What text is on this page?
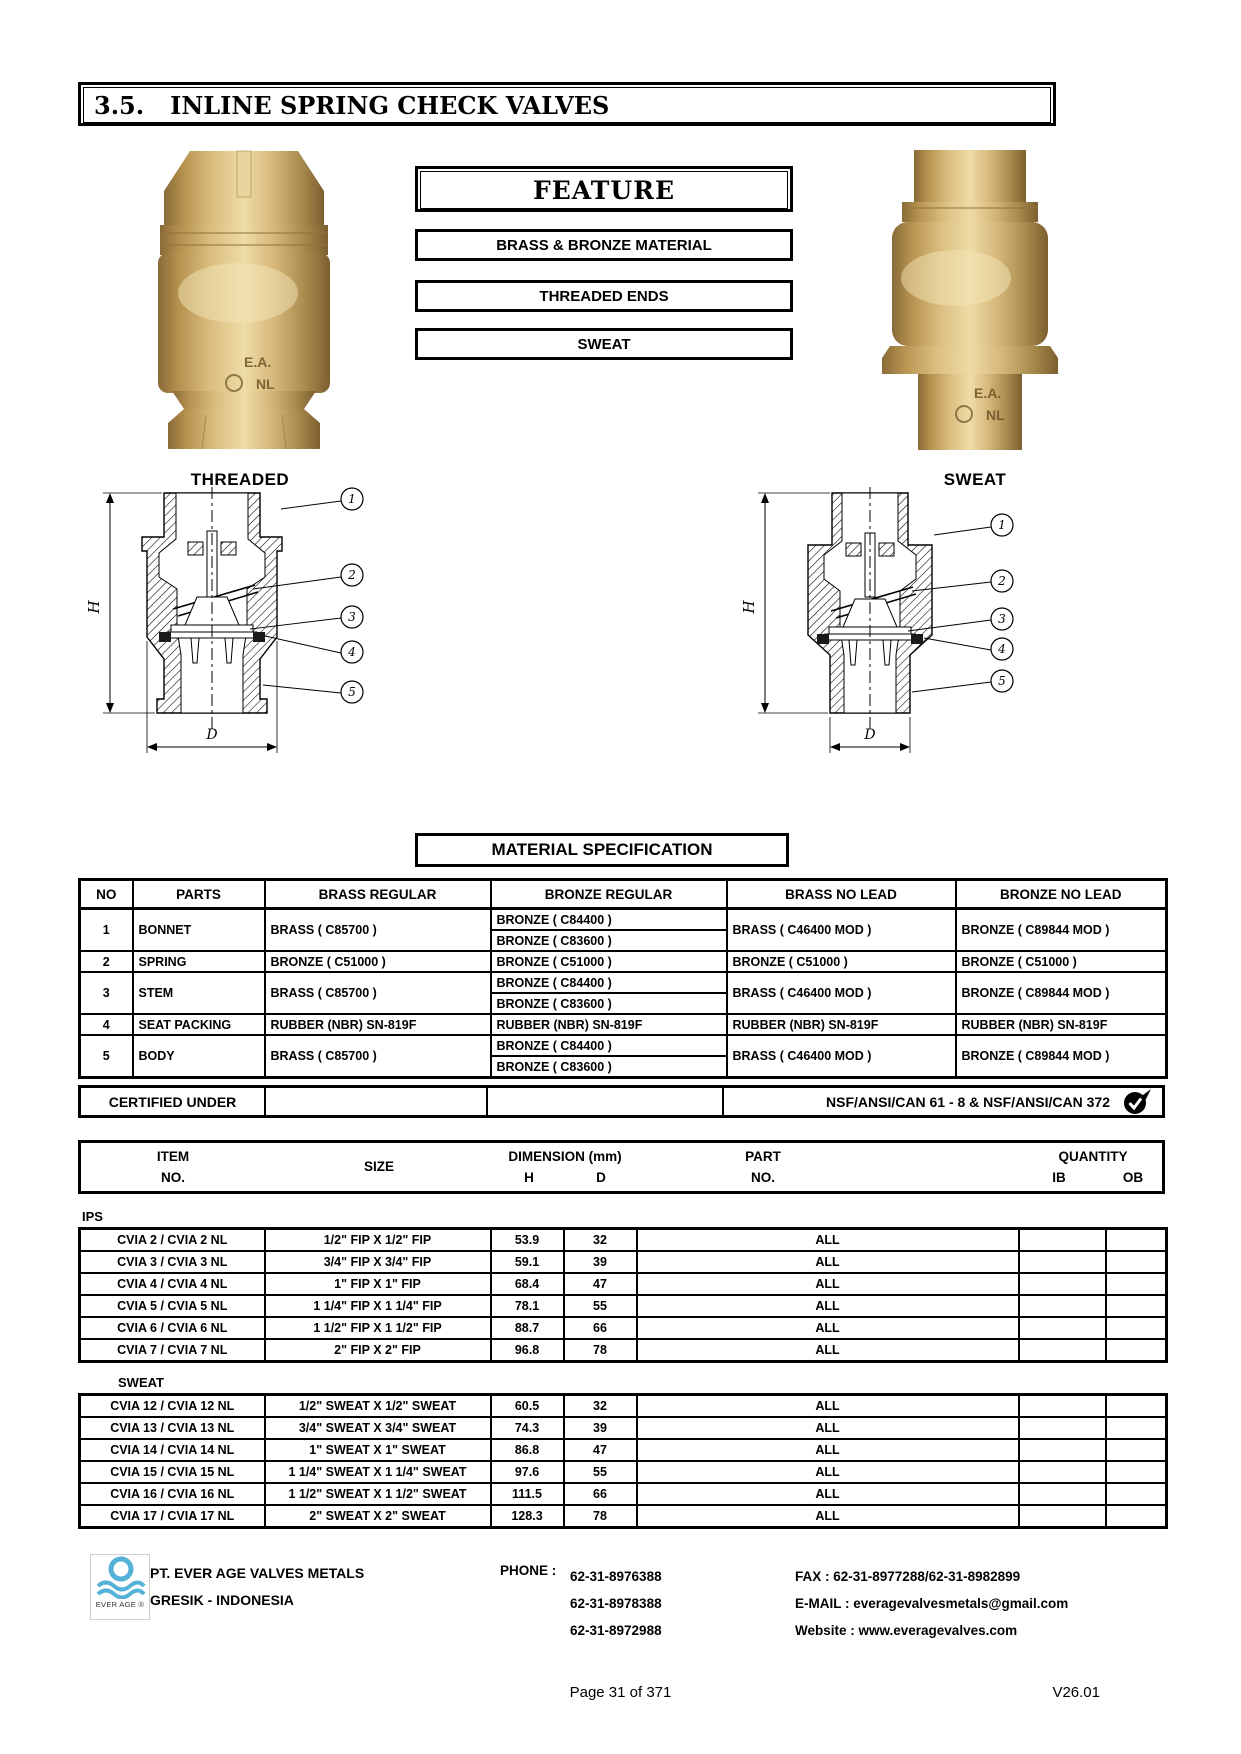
3.5. INLINE SPRING CHECK VALVES
E.A.
NL
E.A.
NL
FEATURE
BRASS & BRONZE MATERIAL
THREADED ENDS
SWEAT
THREADED	SWEAT
H
D
1
2
3
4
5
H
D
1
2
3
4
5
MATERIAL SPECIFICATION
NO	PARTS	BRASS REGULAR	BRONZE REGULAR	BRASS NO LEAD	BRONZE NO LEAD
1	BONNET	BRASS ( C85700 )	BRONZE ( C84400 )	BRASS ( C46400 MOD )	BRONZE ( C89844 MOD )
			BRONZE ( C83600 )		
2	SPRING	BRONZE ( C51000 )	BRONZE ( C51000 )	BRONZE ( C51000 )	BRONZE ( C51000 )
3	STEM	BRASS ( C85700 )	BRONZE ( C84400 )	BRASS ( C46400 MOD )	BRONZE ( C89844 MOD )
			BRONZE ( C83600 )		
4	SEAT PACKING	RUBBER (NBR) SN-819F	RUBBER (NBR) SN-819F	RUBBER (NBR) SN-819F	RUBBER (NBR) SN-819F
5	BODY	BRASS ( C85700 )	BRONZE ( C84400 )	BRASS ( C46400 MOD )	BRONZE ( C89844 MOD )
			BRONZE ( C83600 )		
CERTIFIED UNDER	NSF/ANSI/CAN 61 - 8 & NSF/ANSI/CAN 372
ITEM
NO.
SIZE
DIMENSION (mm)
H	D
PART
NO.
QUANTITY
IB	OB
IPS
CVIA 2 / CVIA 2 NL	1/2" FIP X 1/2" FIP	53.9	32	ALL		
CVIA 3 / CVIA 3 NL	3/4" FIP X 3/4" FIP	59.1	39	ALL		
CVIA 4 / CVIA 4 NL	1" FIP X 1" FIP	68.4	47	ALL		
CVIA 5 / CVIA 5 NL	1 1/4" FIP X 1 1/4" FIP	78.1	55	ALL		
CVIA 6 / CVIA 6 NL	1 1/2" FIP X 1 1/2" FIP	88.7	66	ALL		
CVIA 7 / CVIA 7 NL	2" FIP X 2" FIP	96.8	78	ALL		
SWEAT
CVIA 12 / CVIA 12 NL	1/2" SWEAT X 1/2" SWEAT	60.5	32	ALL		
CVIA 13 / CVIA 13 NL	3/4" SWEAT X 3/4" SWEAT	74.3	39	ALL		
CVIA 14 / CVIA 14 NL	1" SWEAT X 1" SWEAT	86.8	47	ALL		
CVIA 15 / CVIA 15 NL	1 1/4" SWEAT X 1 1/4" SWEAT	97.6	55	ALL		
CVIA 16 / CVIA 16 NL	1 1/2" SWEAT X 1 1/2" SWEAT	111.5	66	ALL		
CVIA 17 / CVIA 17 NL	2" SWEAT X 2" SWEAT	128.3	78	ALL		
EVER AGE ®
PT. EVER AGE VALVES METALS
GRESIK - INDONESIA
PHONE : 62-31-8976388
62-31-8978388
62-31-8972988
FAX : 62-31-8977288/62-31-8982899
E-MAIL : everagevalvesmetals@gmail.com
Website : www.everagevalves.com
Page 31 of 371	V26.01
